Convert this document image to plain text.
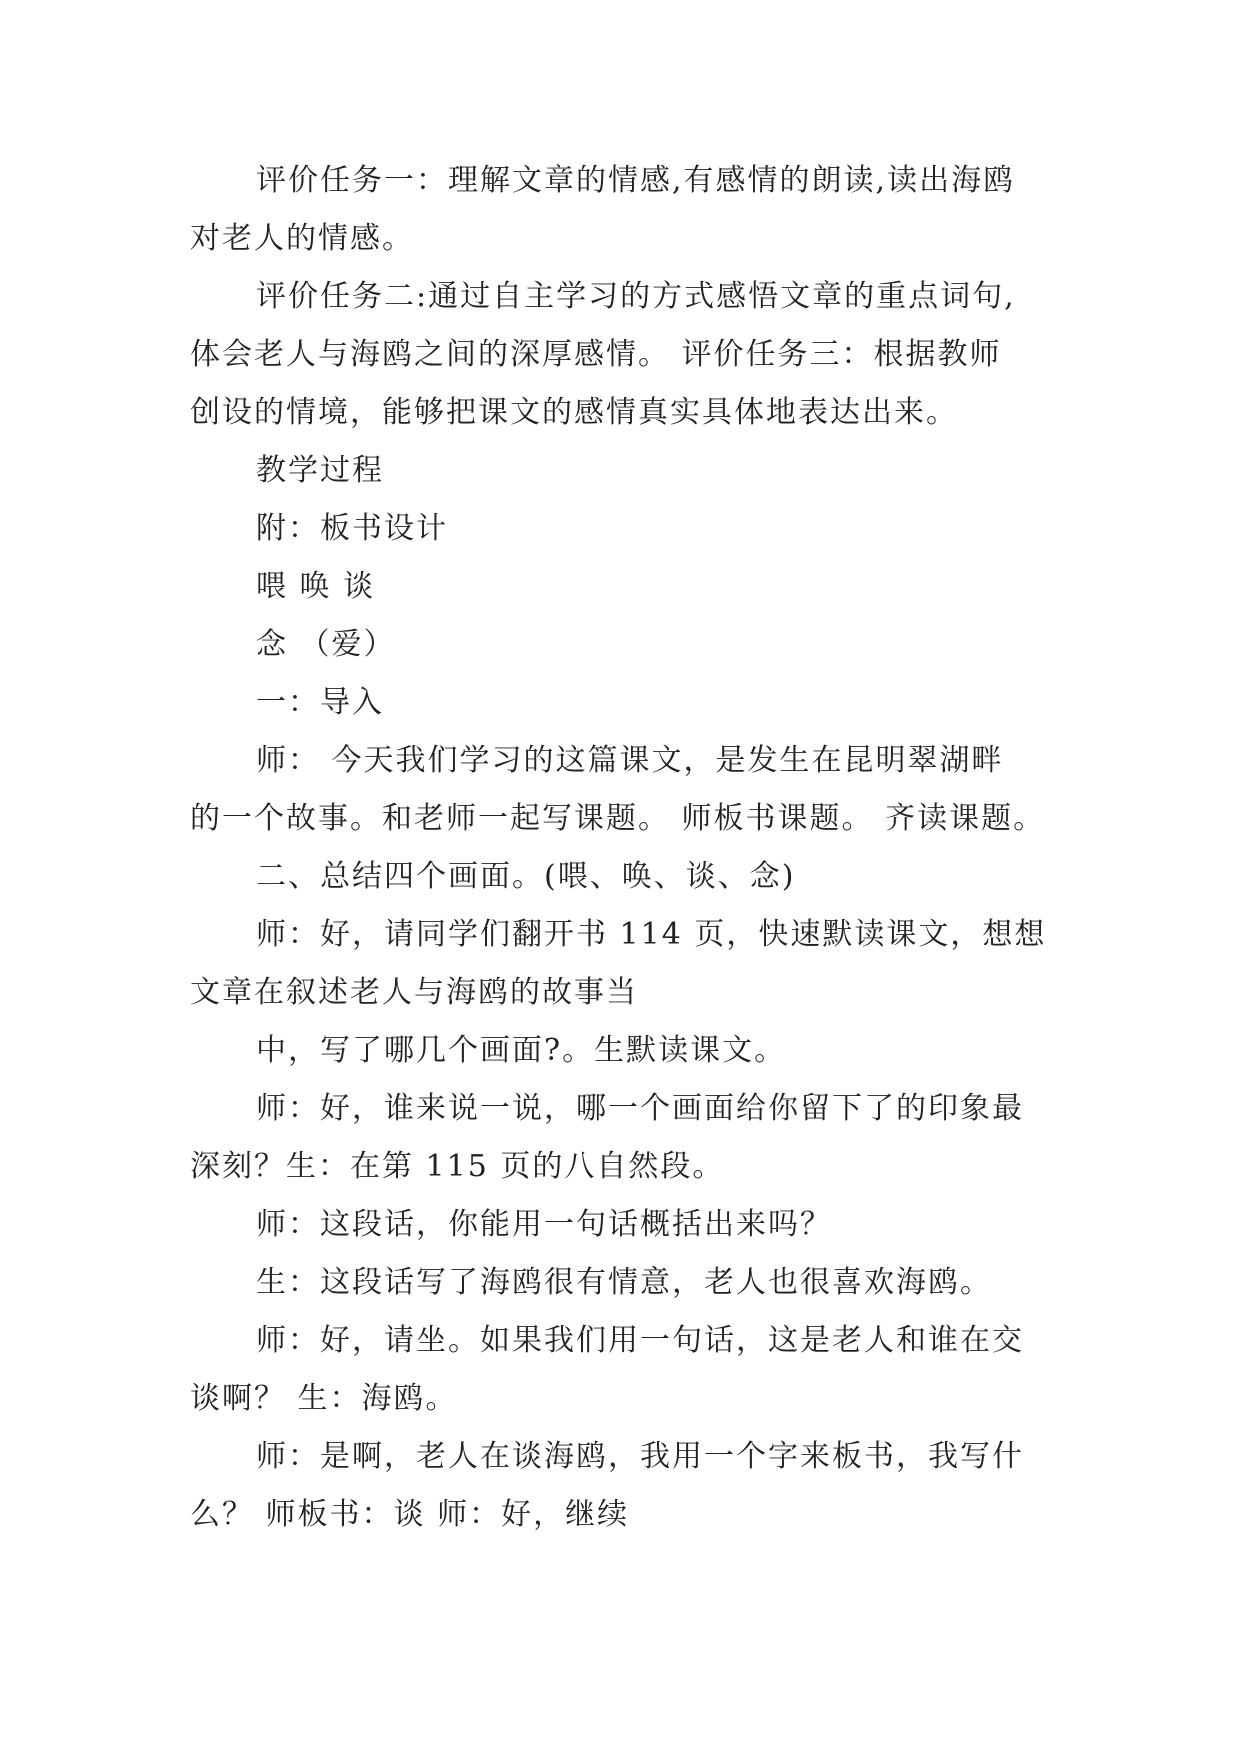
评价任务一：理解文章的情感,有感情的朗读,读出海鸥
对老人的情感。
评价任务二:通过自主学习的方式感悟文章的重点词句,
体会老人与海鸥之间的深厚感情。 评价任务三：根据教师
创设的情境，能够把课文的感情真实具体地表达出来。
教学过程
附：板书设计
喂 唤 谈
念 （爱）
一：导入
师： 今天我们学习的这篇课文，是发生在昆明翠湖畔
的一个故事。和老师一起写课题。 师板书课题。 齐读课题。
二、总结四个画面。(喂、唤、谈、念)
师：好，请同学们翻开书 114 页，快速默读课文，想想
文章在叙述老人与海鸥的故事当
中，写了哪几个画面?。生默读课文。
师：好，谁来说一说，哪一个画面给你留下了的印象最
深刻？生：在第 115 页的八自然段。
师：这段话，你能用一句话概括出来吗？
生：这段话写了海鸥很有情意，老人也很喜欢海鸥。
师：好，请坐。如果我们用一句话，这是老人和谁在交
谈啊？ 生：海鸥。
师：是啊，老人在谈海鸥，我用一个字来板书，我写什
么？ 师板书：谈 师：好，继续
